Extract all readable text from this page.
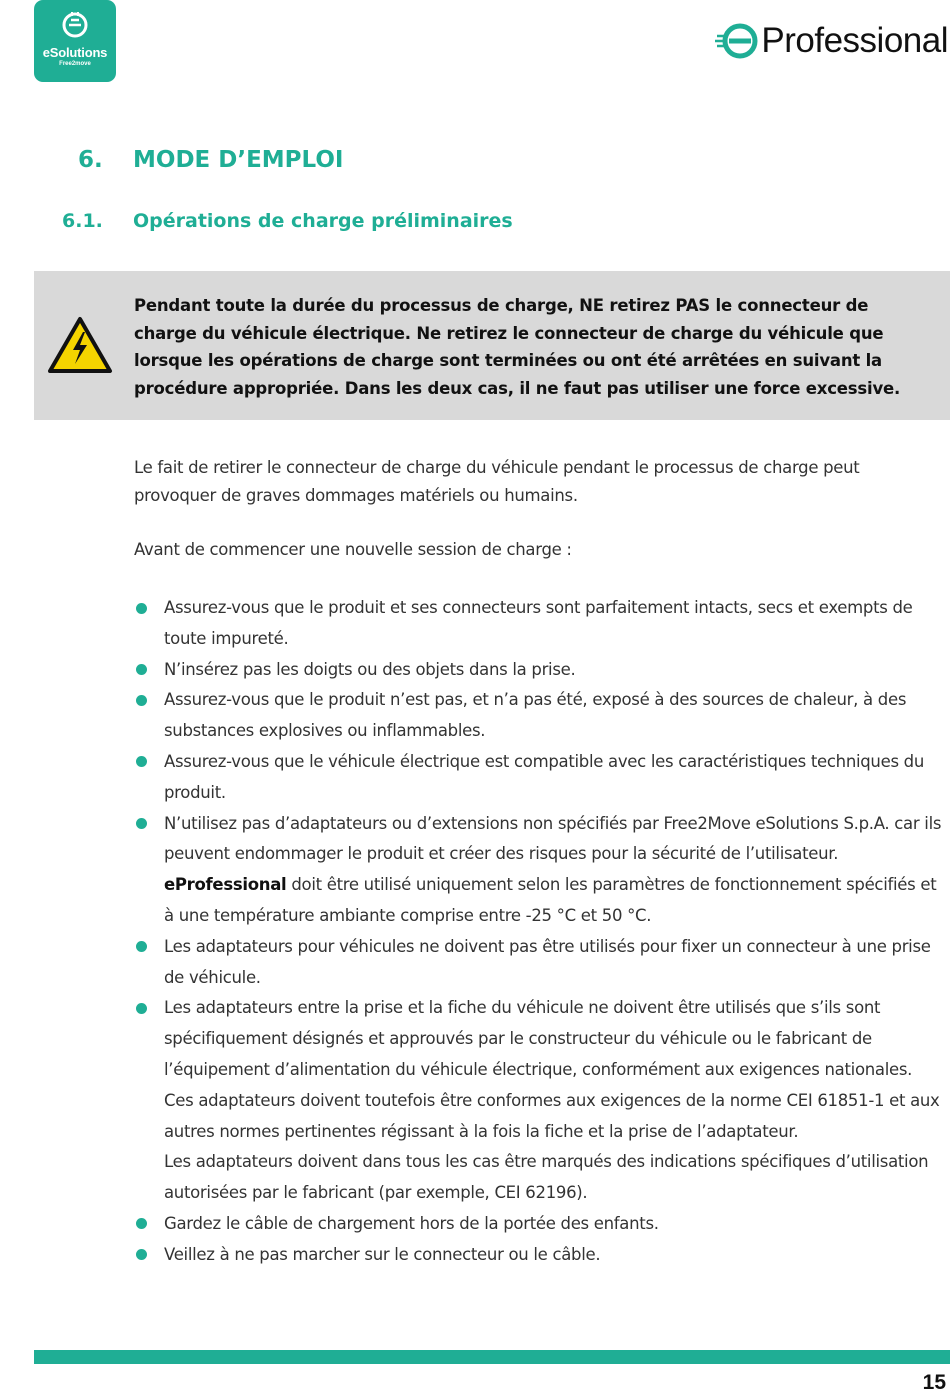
eSolutions
Free2move
Professional
6. MODE D’EMPLOI
6.1. Opérations de charge préliminaires
Pendant toute la durée du processus de charge, NE retirez PAS le connecteur de charge du véhicule électrique. Ne retirez le connecteur de charge du véhicule que lorsque les opérations de charge sont terminées ou ont été arrêtées en suivant la procédure appropriée. Dans les deux cas, il ne faut pas utiliser une force excessive.

Le fait de retirer le connecteur de charge du véhicule pendant le processus de charge peut provoquer de graves dommages matériels ou humains.

Avant de commencer une nouvelle session de charge :

Assurez-vous que le produit et ses connecteurs sont parfaitement intacts, secs et exempts de toute impureté.
N’insérez pas les doigts ou des objets dans la prise.
Assurez-vous que le produit n’est pas, et n’a pas été, exposé à des sources de chaleur, à des substances explosives ou inflammables.
Assurez-vous que le véhicule électrique est compatible avec les caractéristiques techniques du produit.
N’utilisez pas d’adaptateurs ou d’extensions non spécifiés par Free2Move eSolutions S.p.A. car ils peuvent endommager le produit et créer des risques pour la sécurité de l’utilisateur.
eProfessional doit être utilisé uniquement selon les paramètres de fonctionnement spécifiés et à une température ambiante comprise entre -25 °C et 50 °C.
Les adaptateurs pour véhicules ne doivent pas être utilisés pour fixer un connecteur à une prise de véhicule.
Les adaptateurs entre la prise et la fiche du véhicule ne doivent être utilisés que s’ils sont spécifiquement désignés et approuvés par le constructeur du véhicule ou le fabricant de l’équipement d’alimentation du véhicule électrique, conformément aux exigences nationales.
Ces adaptateurs doivent toutefois être conformes aux exigences de la norme CEI 61851-1 et aux autres normes pertinentes régissant à la fois la fiche et la prise de l’adaptateur.
Les adaptateurs doivent dans tous les cas être marqués des indications spécifiques d’utilisation autorisées par le fabricant (par exemple, CEI 62196).
Gardez le câble de chargement hors de la portée des enfants.
Veillez à ne pas marcher sur le connecteur ou le câble.
15
